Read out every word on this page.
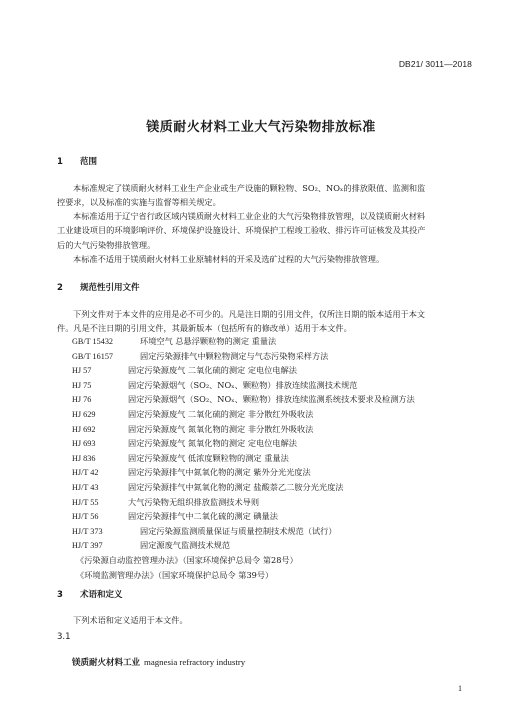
DB21/ 3011—2018
镁质耐火材料工业大气污染物排放标准
1 范围
本标准规定了镁质耐火材料工业生产企业或生产设施的颗粒物、SO₂、NOₓ的排放限值、监测和监
控要求，以及标准的实施与监督等相关规定。
本标准适用于辽宁省行政区域内镁质耐火材料工业企业的大气污染物排放管理，以及镁质耐火材料
工业建设项目的环境影响评价、环境保护设施设计、环境保护工程竣工验收、排污许可证核发及其投产
后的大气污染物排放管理。
本标准不适用于镁质耐火材料工业原辅材料的开采及选矿过程的大气污染物排放管理。
2 规范性引用文件
下列文件对于本文件的应用是必不可少的。凡是注日期的引用文件，仅所注日期的版本适用于本文
件。凡是不注日期的引用文件，其最新版本（包括所有的修改单）适用于本文件。
GB/T 15432	环境空气 总悬浮颗粒物的测定 重量法
GB/T 16157	固定污染源排气中颗粒物测定与气态污染物采样方法
HJ 57	固定污染源废气 二氧化硫的测定 定电位电解法
HJ 75	固定污染源烟气（SO₂、NOₓ、颗粒物）排放连续监测技术规范
HJ 76	固定污染源烟气（SO₂、NOₓ、颗粒物）排放连续监测系统技术要求及检测方法
HJ 629	固定污染源废气 二氧化硫的测定 非分散红外吸收法
HJ 692	固定污染源废气 氮氧化物的测定 非分散红外吸收法
HJ 693	固定污染源废气 氮氧化物的测定 定电位电解法
HJ 836	固定污染源废气 低浓度颗粒物的测定 重量法
HJ/T 42	固定污染源排气中氮氧化物的测定 紫外分光光度法
HJ/T 43	固定污染源排气中氮氧化物的测定 盐酸萘乙二胺分光光度法
HJ/T 55	大气污染物无组织排放监测技术导则
HJ/T 56	固定污染源排气中二氧化硫的测定 碘量法
HJ/T 373	固定污染源监测质量保证与质量控制技术规范（试行）
HJ/T 397	固定源废气监测技术规范
《污染源自动监控管理办法》（国家环境保护总局令 第28号）
《环境监测管理办法》（国家环境保护总局令 第39号）
3 术语和定义
下列术语和定义适用于本文件。
3.1
镁质耐火材料工业 magnesia refractory industry
1
